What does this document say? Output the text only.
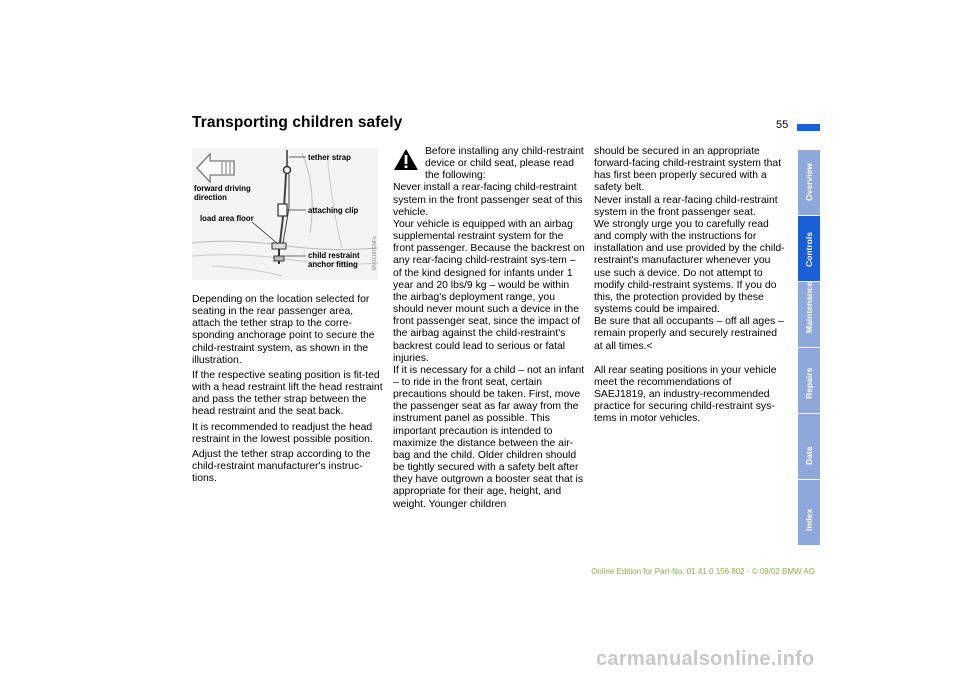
Transporting children safely	55
forward driving
direction
tether strap
load area floor
attaching clip
child restraint
anchor fitting	MV01197ENFa

Depending on the location selected for seating in the rear passenger area, attach the tether strap to the corre-sponding anchorage point to secure the child-restraint system, as shown in the illustration.

If the respective seating position is fit-ted with a head restraint lift the head restraint and pass the tether strap between the head restraint and the seat back.

It is recommended to readjust the head restraint in the lowest possible position.

Adjust the tether strap according to the child-restraint manufacturer's instruc-tions.

Before installing any child-restraint device or child seat, please read the following:
Never install a rear-facing child-restraint system in the front passenger seat of this vehicle.
Your vehicle is equipped with an airbag supplemental restraint system for the front passenger. Because the backrest on any rear-facing child-restraint sys-tem – of the kind designed for infants under 1 year and 20 lbs/9 kg – would be within the airbag's deployment range, you should never mount such a device in the front passenger seat, since the impact of the airbag against the child-restraint's backrest could lead to serious or fatal injuries.
If it is necessary for a child – not an infant – to ride in the front seat, certain precautions should be taken. First, move the passenger seat as far away from the instrument panel as possible. This important precaution is intended to maximize the distance between the air-bag and the child. Older children should be tightly secured with a safety belt after they have outgrown a booster seat that is appropriate for their age, height, and weight. Younger children
should be secured in an appropriate forward-facing child-restraint system that has first been properly secured with a safety belt.
Never install a rear-facing child-restraint system in the front passenger seat.
We strongly urge you to carefully read and comply with the instructions for installation and use provided by the child-restraint's manufacturer whenever you use such a device. Do not attempt to modify child-restraint systems. If you do this, the protection provided by these systems could be impaired.
Be sure that all occupants – off all ages – remain properly and securely restrained at all times.<

All rear seating positions in your vehicle meet the recommendations of SAEJ1819, an industry-recommended practice for securing child-restraint sys-tems in motor vehicles.
Overview
Controls
Maintenance
Repairs
Data
Index
Online Edition for Part-No. 01 41 0 156 802 - © 09/02 BMW AG
carmanualsonline.info
